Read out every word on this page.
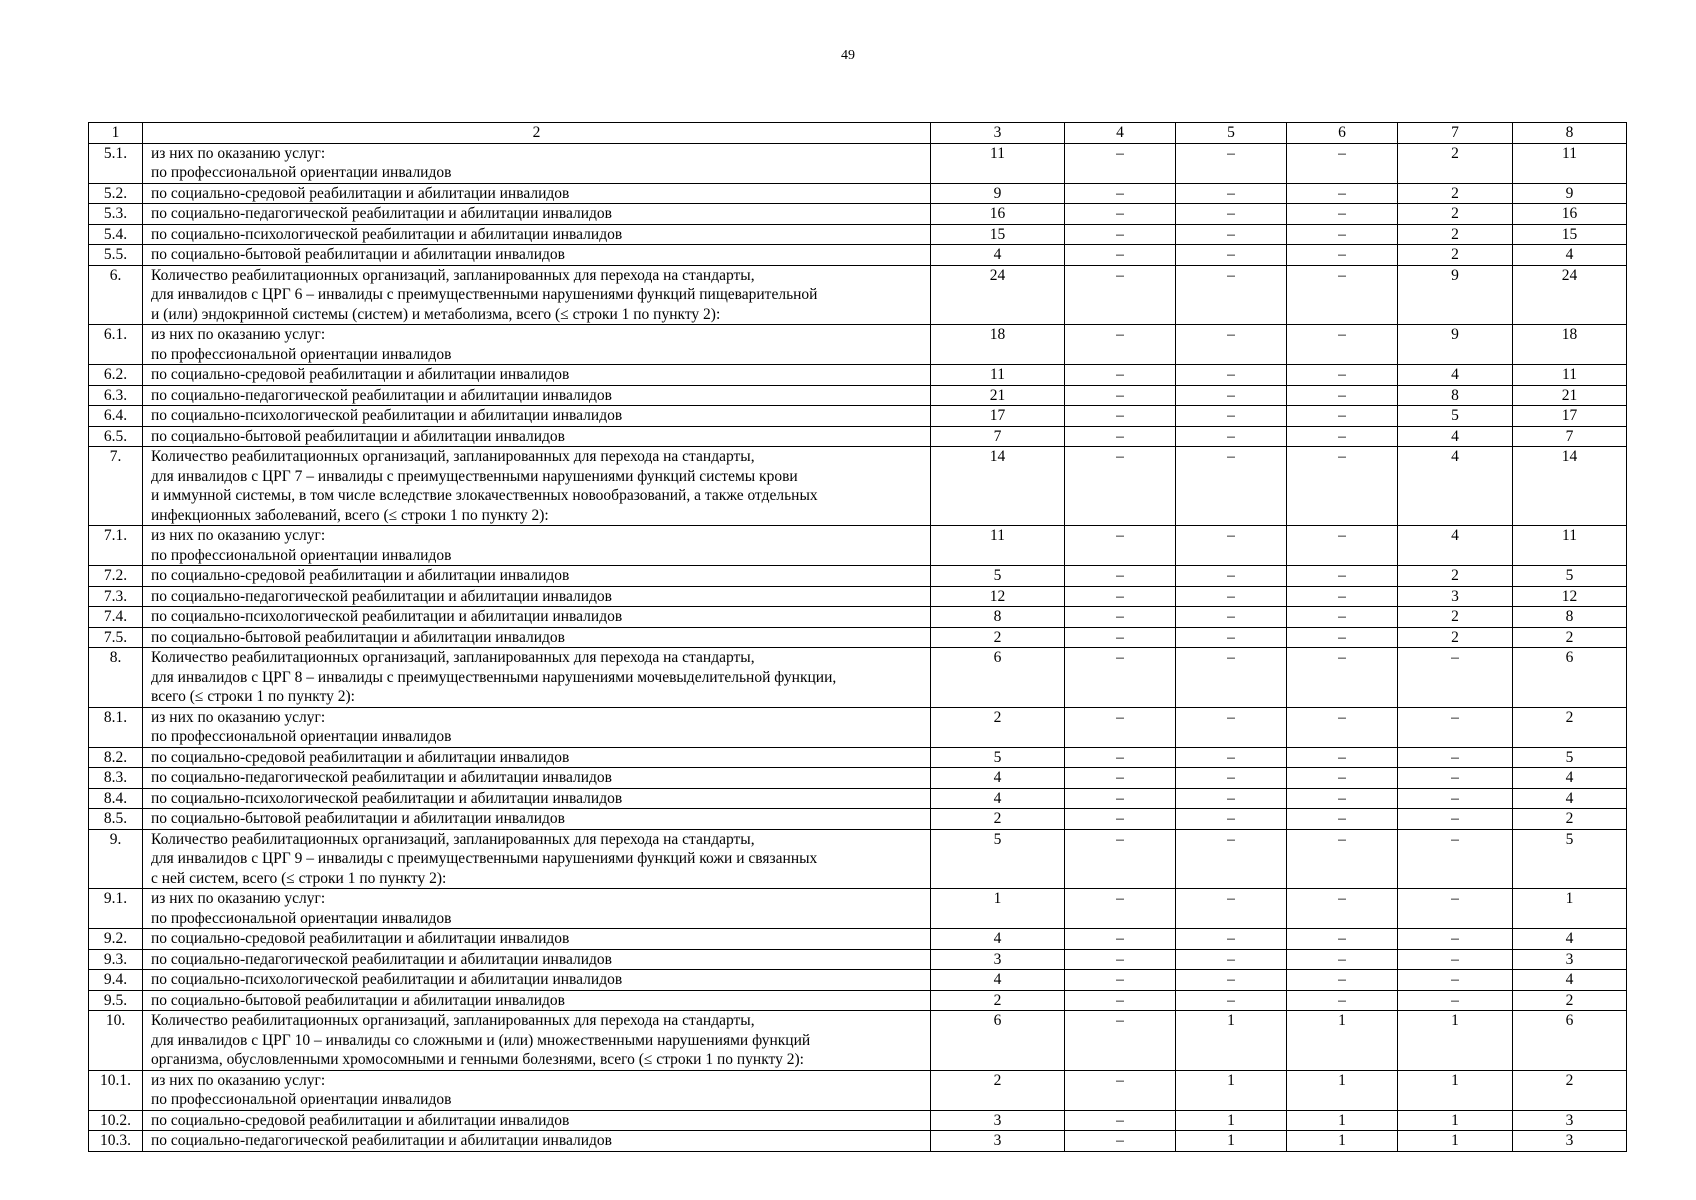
49
1	2	3	4	5	6	7	8
5.1.	из них по оказанию услуг:
по профессиональной ориентации инвалидов	11	–	–	–	2	11
5.2.	по социально-средовой реабилитации и абилитации инвалидов	9	–	–	–	2	9
5.3.	по социально-педагогической реабилитации и абилитации инвалидов	16	–	–	–	2	16
5.4.	по социально-психологической реабилитации и абилитации инвалидов	15	–	–	–	2	15
5.5.	по социально-бытовой реабилитации и абилитации инвалидов	4	–	–	–	2	4
6.	Количество реабилитационных организаций, запланированных для перехода на стандарты,
для инвалидов с ЦРГ 6 – инвалиды с преимущественными нарушениями функций пищеварительной
и (или) эндокринной системы (систем) и метаболизма, всего (≤ строки 1 по пункту 2):	24	–	–	–	9	24
6.1.	из них по оказанию услуг:
по профессиональной ориентации инвалидов	18	–	–	–	9	18
6.2.	по социально-средовой реабилитации и абилитации инвалидов	11	–	–	–	4	11
6.3.	по социально-педагогической реабилитации и абилитации инвалидов	21	–	–	–	8	21
6.4.	по социально-психологической реабилитации и абилитации инвалидов	17	–	–	–	5	17
6.5.	по социально-бытовой реабилитации и абилитации инвалидов	7	–	–	–	4	7
7.	Количество реабилитационных организаций, запланированных для перехода на стандарты,
для инвалидов с ЦРГ 7 – инвалиды с преимущественными нарушениями функций системы крови
и иммунной системы, в том числе вследствие злокачественных новообразований, а также отдельных
инфекционных заболеваний, всего (≤ строки 1 по пункту 2):	14	–	–	–	4	14
7.1.	из них по оказанию услуг:
по профессиональной ориентации инвалидов	11	–	–	–	4	11
7.2.	по социально-средовой реабилитации и абилитации инвалидов	5	–	–	–	2	5
7.3.	по социально-педагогической реабилитации и абилитации инвалидов	12	–	–	–	3	12
7.4.	по социально-психологической реабилитации и абилитации инвалидов	8	–	–	–	2	8
7.5.	по социально-бытовой реабилитации и абилитации инвалидов	2	–	–	–	2	2
8.	Количество реабилитационных организаций, запланированных для перехода на стандарты,
для инвалидов с ЦРГ 8 – инвалиды с преимущественными нарушениями мочевыделительной функции,
всего (≤ строки 1 по пункту 2):	6	–	–	–	–	6
8.1.	из них по оказанию услуг:
по профессиональной ориентации инвалидов	2	–	–	–	–	2
8.2.	по социально-средовой реабилитации и абилитации инвалидов	5	–	–	–	–	5
8.3.	по социально-педагогической реабилитации и абилитации инвалидов	4	–	–	–	–	4
8.4.	по социально-психологической реабилитации и абилитации инвалидов	4	–	–	–	–	4
8.5.	по социально-бытовой реабилитации и абилитации инвалидов	2	–	–	–	–	2
9.	Количество реабилитационных организаций, запланированных для перехода на стандарты,
для инвалидов с ЦРГ 9 – инвалиды с преимущественными нарушениями функций кожи и связанных
с ней систем, всего (≤ строки 1 по пункту 2):	5	–	–	–	–	5
9.1.	из них по оказанию услуг:
по профессиональной ориентации инвалидов	1	–	–	–	–	1
9.2.	по социально-средовой реабилитации и абилитации инвалидов	4	–	–	–	–	4
9.3.	по социально-педагогической реабилитации и абилитации инвалидов	3	–	–	–	–	3
9.4.	по социально-психологической реабилитации и абилитации инвалидов	4	–	–	–	–	4
9.5.	по социально-бытовой реабилитации и абилитации инвалидов	2	–	–	–	–	2
10.	Количество реабилитационных организаций, запланированных для перехода на стандарты,
для инвалидов с ЦРГ 10 – инвалиды со сложными и (или) множественными нарушениями функций
организма, обусловленными хромосомными и генными болезнями, всего (≤ строки 1 по пункту 2):	6	–	1	1	1	6
10.1.	из них по оказанию услуг:
по профессиональной ориентации инвалидов	2	–	1	1	1	2
10.2.	по социально-средовой реабилитации и абилитации инвалидов	3	–	1	1	1	3
10.3.	по социально-педагогической реабилитации и абилитации инвалидов	3	–	1	1	1	3
